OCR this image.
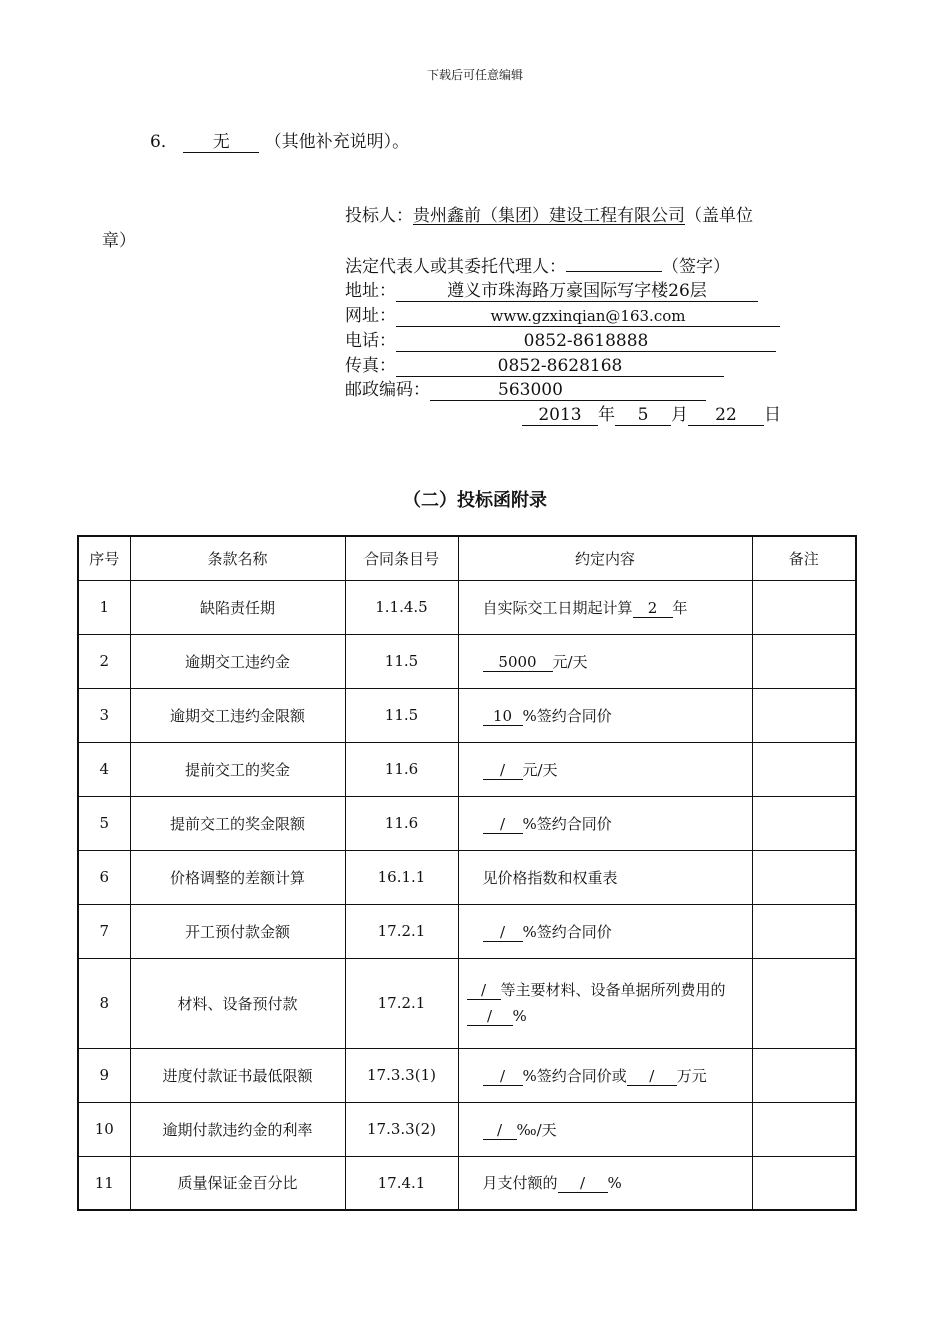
下载后可任意编辑
6． 无 （其他补充说明）。
投标人：贵州鑫前（集团）建设工程有限公司（盖单位
章）
法定代表人或其委托代理人：	（签字）
地址：	遵义市珠海路万豪国际写字楼26层
网址：	www.gzxinqian@163.com
电话：	0852-8618888
传真：	0852-8628168
邮政编码：	563000
2013 年 5 月 22 日
（二）投标函附录
序号	条款名称	合同条目号	约定内容	备注
1	缺陷责任期	1.1.4.5	自实际交工日期起计算 2 年	
2	逾期交工违约金	11.5	5000 元/天	
3	逾期交工违约金限额	11.5	10 %签约合同价	
4	提前交工的奖金	11.6	/ 元/天	
5	提前交工的奖金限额	11.6	/ %签约合同价	
6	价格调整的差额计算	16.1.1	见价格指数和权重表	
7	开工预付款金额	17.2.1	/ %签约合同价	
8	材料、设备预付款	17.2.1	/ 等主要材料、设备单据所列费用的/ %	
9	进度付款证书最低限额	17.3.3(1)	/ %签约合同价或 / 万元	
10	逾期付款违约金的利率	17.3.3(2)	/ ‰/天	
11	质量保证金百分比	17.4.1	月支付额的 / %	
